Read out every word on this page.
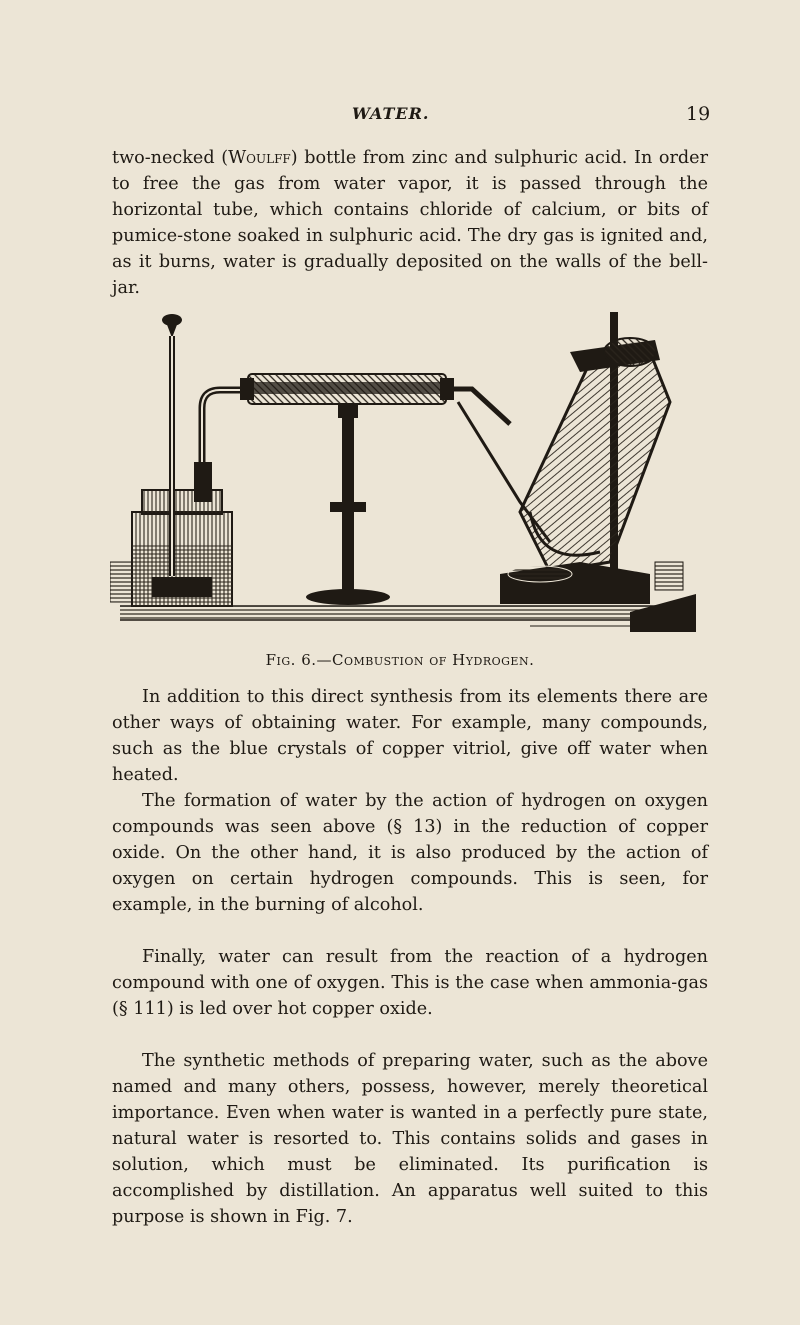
WATER.	19

two-necked (Woulff) bottle from zinc and sulphuric acid. In order to free the gas from water vapor, it is passed through the horizontal tube, which contains chloride of calcium, or bits of pumice-stone soaked in sulphuric acid. The dry gas is ignited and, as it burns, water is gradually deposited on the walls of the bell-jar.

Fig. 6.—Combustion of Hydrogen.

In addition to this direct synthesis from its elements there are other ways of obtaining water. For example, many compounds, such as the blue crystals of copper vitriol, give off water when heated.

The formation of water by the action of hydrogen on oxygen compounds was seen above (§ 13) in the reduction of copper oxide. On the other hand, it is also produced by the action of oxygen on certain hydrogen compounds. This is seen, for example, in the burning of alcohol.

Finally, water can result from the reaction of a hydrogen compound with one of oxygen. This is the case when ammonia-gas (§ 111) is led over hot copper oxide.

The synthetic methods of preparing water, such as the above named and many others, possess, however, merely theoretical importance. Even when water is wanted in a perfectly pure state, natural water is resorted to. This contains solids and gases in solution, which must be eliminated. Its purification is accomplished by distillation. An apparatus well suited to this purpose is shown in Fig. 7.
